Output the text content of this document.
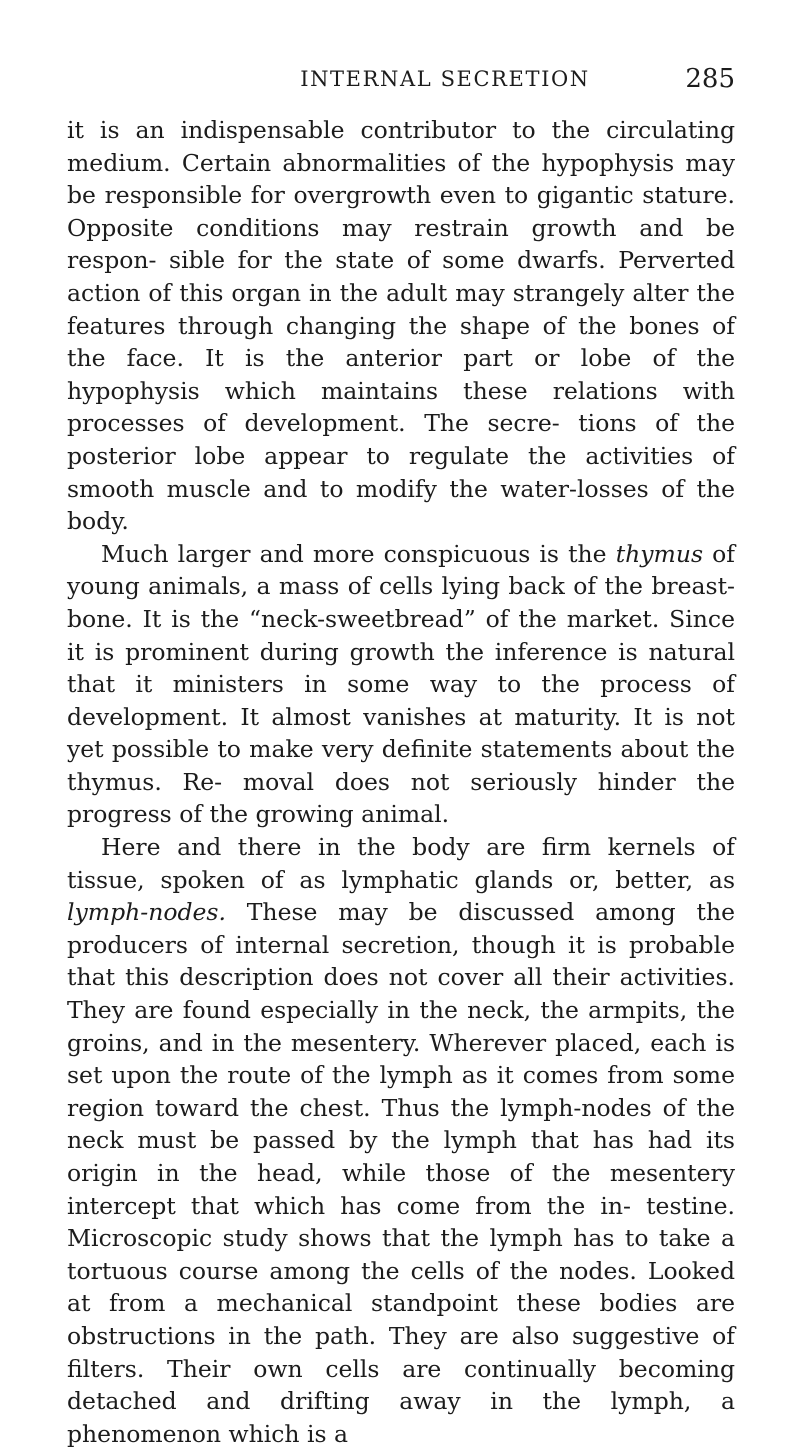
INTERNAL SECRETION	285

it is an indispensable contributor to the circulating medium. Certain abnormalities of the hypophysis may be responsible for overgrowth even to gigantic stature. Opposite conditions may restrain growth and be respon- sible for the state of some dwarfs. Perverted action of this organ in the adult may strangely alter the features through changing the shape of the bones of the face. It is the anterior part or lobe of the hypophysis which maintains these relations with processes of development. The secre- tions of the posterior lobe appear to regulate the activities of smooth muscle and to modify the water-losses of the body.

Much larger and more conspicuous is the thymus of young animals, a mass of cells lying back of the breast- bone. It is the “neck-sweetbread” of the market. Since it is prominent during growth the inference is natural that it ministers in some way to the process of development. It almost vanishes at maturity. It is not yet possible to make very definite statements about the thymus. Re- moval does not seriously hinder the progress of the growing animal.

Here and there in the body are firm kernels of tissue, spoken of as lymphatic glands or, better, as lymph-nodes. These may be discussed among the producers of internal secretion, though it is probable that this description does not cover all their activities. They are found especially in the neck, the armpits, the groins, and in the mesentery. Wherever placed, each is set upon the route of the lymph as it comes from some region toward the chest. Thus the lymph-nodes of the neck must be passed by the lymph that has had its origin in the head, while those of the mesentery intercept that which has come from the in- testine. Microscopic study shows that the lymph has to take a tortuous course among the cells of the nodes. Looked at from a mechanical standpoint these bodies are obstructions in the path. They are also suggestive of filters. Their own cells are continually becoming detached and drifting away in the lymph, a phenomenon which is a
